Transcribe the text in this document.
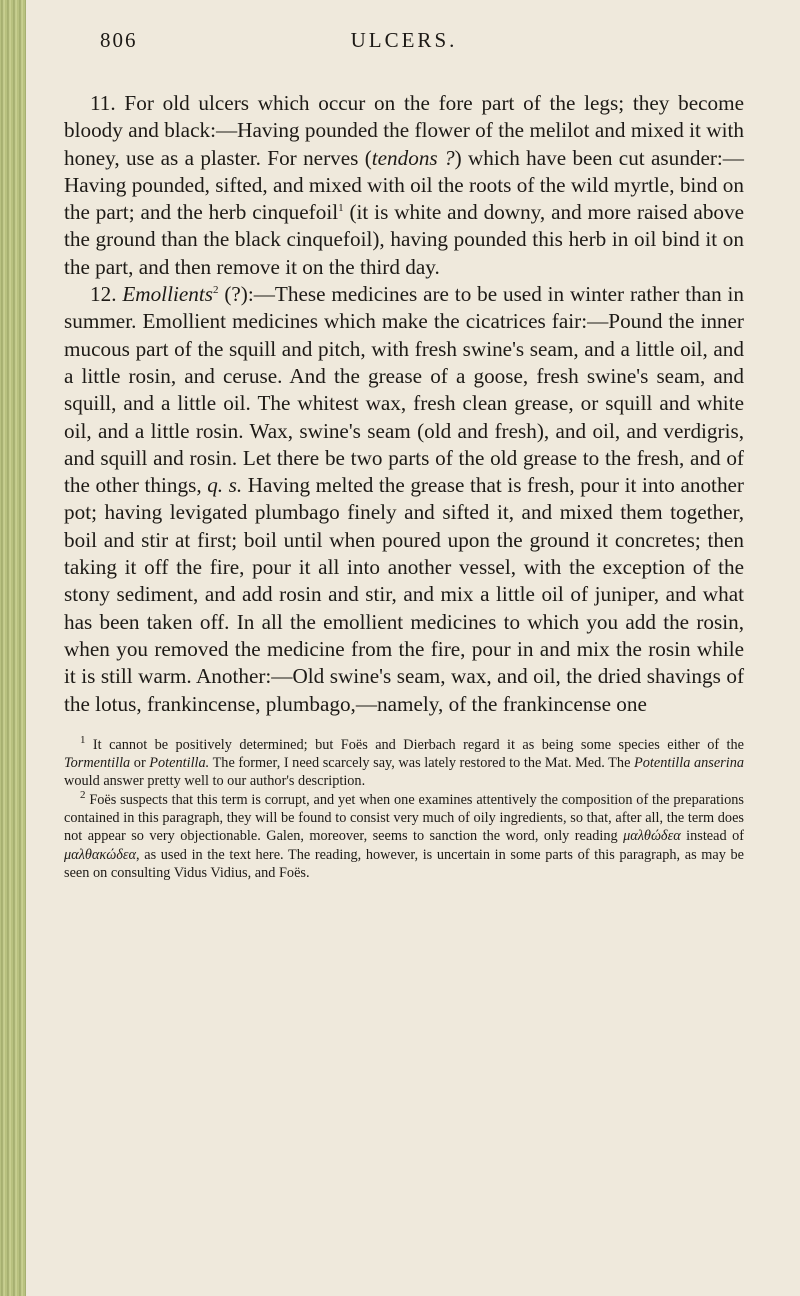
806	ULCERS.

11. For old ulcers which occur on the fore part of the legs; they become bloody and black:—Having pounded the flower of the melilot and mixed it with honey, use as a plaster. For nerves (tendons ?) which have been cut asunder:—Having pounded, sifted, and mixed with oil the roots of the wild myrtle, bind on the part; and the herb cinquefoil$^1$ (it is white and downy, and more raised above the ground than the black cinquefoil), having pounded this herb in oil bind it on the part, and then remove it on the third day.

12. Emollients$^2$ (?):—These medicines are to be used in winter rather than in summer. Emollient medicines which make the cicatrices fair:—Pound the inner mucous part of the squill and pitch, with fresh swine's seam, and a little oil, and a little rosin, and ceruse. And the grease of a goose, fresh swine's seam, and squill, and a little oil. The whitest wax, fresh clean grease, or squill and white oil, and a little rosin. Wax, swine's seam (old and fresh), and oil, and verdigris, and squill and rosin. Let there be two parts of the old grease to the fresh, and of the other things, q. s. Having melted the grease that is fresh, pour it into another pot; having levigated plumbago finely and sifted it, and mixed them together, boil and stir at first; boil until when poured upon the ground it concretes; then taking it off the fire, pour it all into another vessel, with the exception of the stony sediment, and add rosin and stir, and mix a little oil of juniper, and what has been taken off. In all the emollient medicines to which you add the rosin, when you removed the medicine from the fire, pour in and mix the rosin while it is still warm. Another:—Old swine's seam, wax, and oil, the dried shavings of the lotus, frankincense, plumbago,—namely, of the frankincense one

$^1$ It cannot be positively determined; but Foës and Dierbach regard it as being some species either of the Tormentilla or Potentilla. The former, I need scarcely say, was lately restored to the Mat. Med. The Potentilla anserina would answer pretty well to our author's description.

$^2$ Foës suspects that this term is corrupt, and yet when one examines attentively the composition of the preparations contained in this paragraph, they will be found to consist very much of oily ingredients, so that, after all, the term does not appear so very objectionable. Galen, moreover, seems to sanction the word, only reading μαλθώδεα instead of μαλθακώδεα, as used in the text here. The reading, however, is uncertain in some parts of this paragraph, as may be seen on consulting Vidus Vidius, and Foës.
